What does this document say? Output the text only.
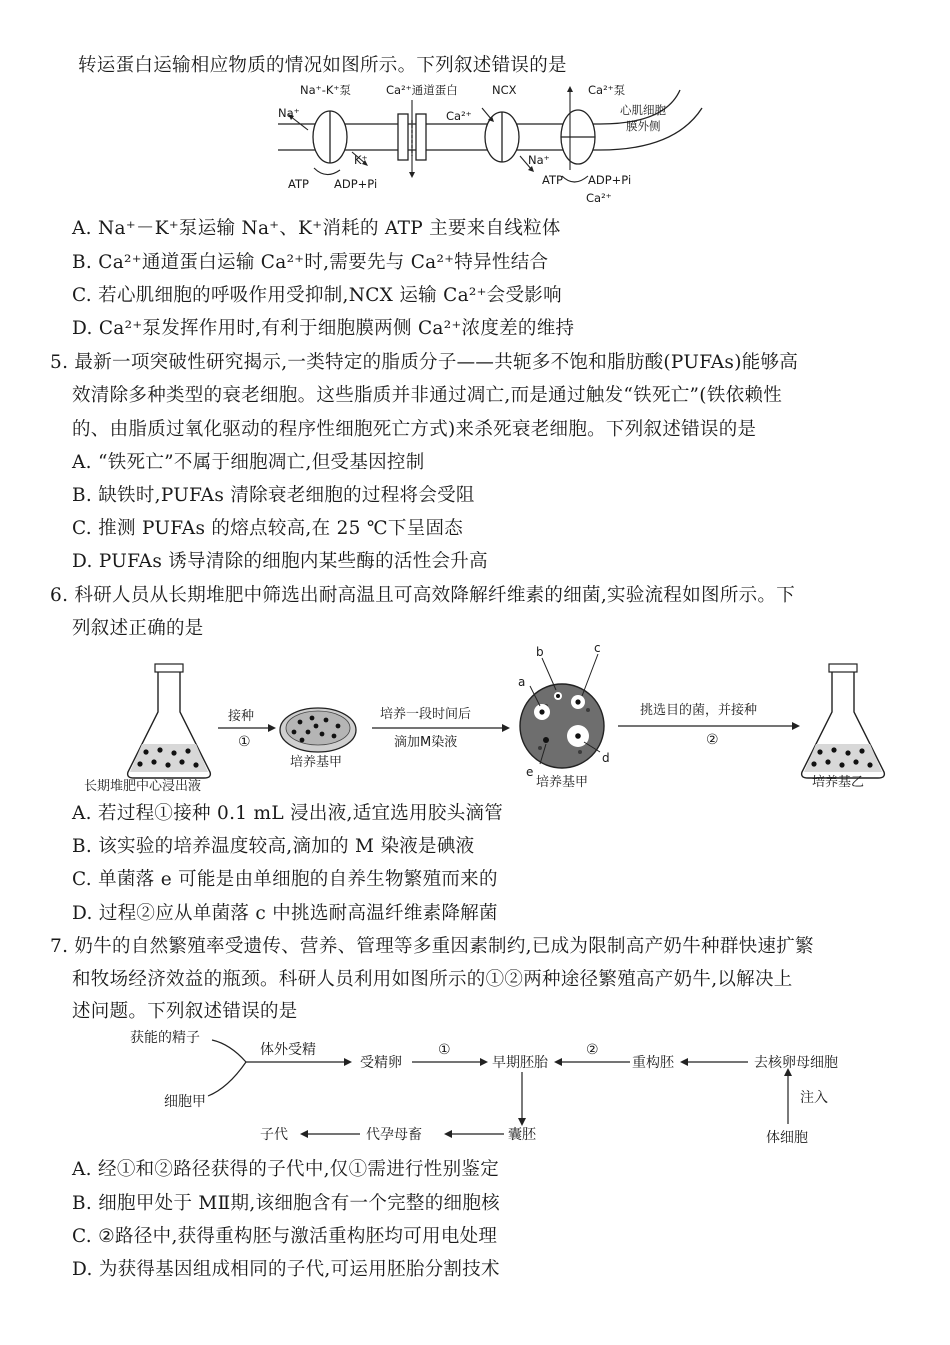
转运蛋白运输相应物质的情况如图所示。下列叙述错误的是
Na⁺-K⁺泵
Na⁺
K⁺
ATP ADP+Pi
Ca²⁺通道蛋白
Ca²⁺
NCX
Na⁺
Ca²⁺泵
心肌细胞
膜外侧
ATP ADP+Pi
Ca²⁺
A. Na⁺－K⁺泵运输 Na⁺、K⁺消耗的 ATP 主要来自线粒体
B. Ca²⁺通道蛋白运输 Ca²⁺时,需要先与 Ca²⁺特异性结合
C. 若心肌细胞的呼吸作用受抑制,NCX 运输 Ca²⁺会受影响
D. Ca²⁺泵发挥作用时,有利于细胞膜两侧 Ca²⁺浓度差的维持
5. 最新一项突破性研究揭示,一类特定的脂质分子——共轭多不饱和脂肪酸(PUFAs)能够高
效清除多种类型的衰老细胞。这些脂质并非通过凋亡,而是通过触发“铁死亡”(铁依赖性
的、由脂质过氧化驱动的程序性细胞死亡方式)来杀死衰老细胞。下列叙述错误的是
A. “铁死亡”不属于细胞凋亡,但受基因控制
B. 缺铁时,PUFAs 清除衰老细胞的过程将会受阻
C. 推测 PUFAs 的熔点较高,在 25 ℃下呈固态
D. PUFAs 诱导清除的细胞内某些酶的活性会升高
6. 科研人员从长期堆肥中筛选出耐高温且可高效降解纤维素的细菌,实验流程如图所示。下
列叙述正确的是
长期堆肥中心浸出液
接种
①
培养基甲
培养一段时间后
滴加M染液
a
b	c
d
e
培养基甲
挑选目的菌，并接种
②
培养基乙
A. 若过程①接种 0.1 mL 浸出液,适宜选用胶头滴管
B. 该实验的培养温度较高,滴加的 M 染液是碘液
C. 单菌落 e 可能是由单细胞的自养生物繁殖而来的
D. 过程②应从单菌落 c 中挑选耐高温纤维素降解菌
7. 奶牛的自然繁殖率受遗传、营养、管理等多重因素制约,已成为限制高产奶牛种群快速扩繁
和牧场经济效益的瓶颈。科研人员利用如图所示的①②两种途径繁殖高产奶牛,以解决上
述问题。下列叙述错误的是
获能的精子
细胞甲
体外受精
受精卵
①
早期胚胎
②
重构胚	去核卵母细胞
注入
体细胞
囊胚
代孕母畜
子代
A. 经①和②路径获得的子代中,仅①需进行性别鉴定
B. 细胞甲处于 MⅡ期,该细胞含有一个完整的细胞核
C. ②路径中,获得重构胚与激活重构胚均可用电处理
D. 为获得基因组成相同的子代,可运用胚胎分割技术
